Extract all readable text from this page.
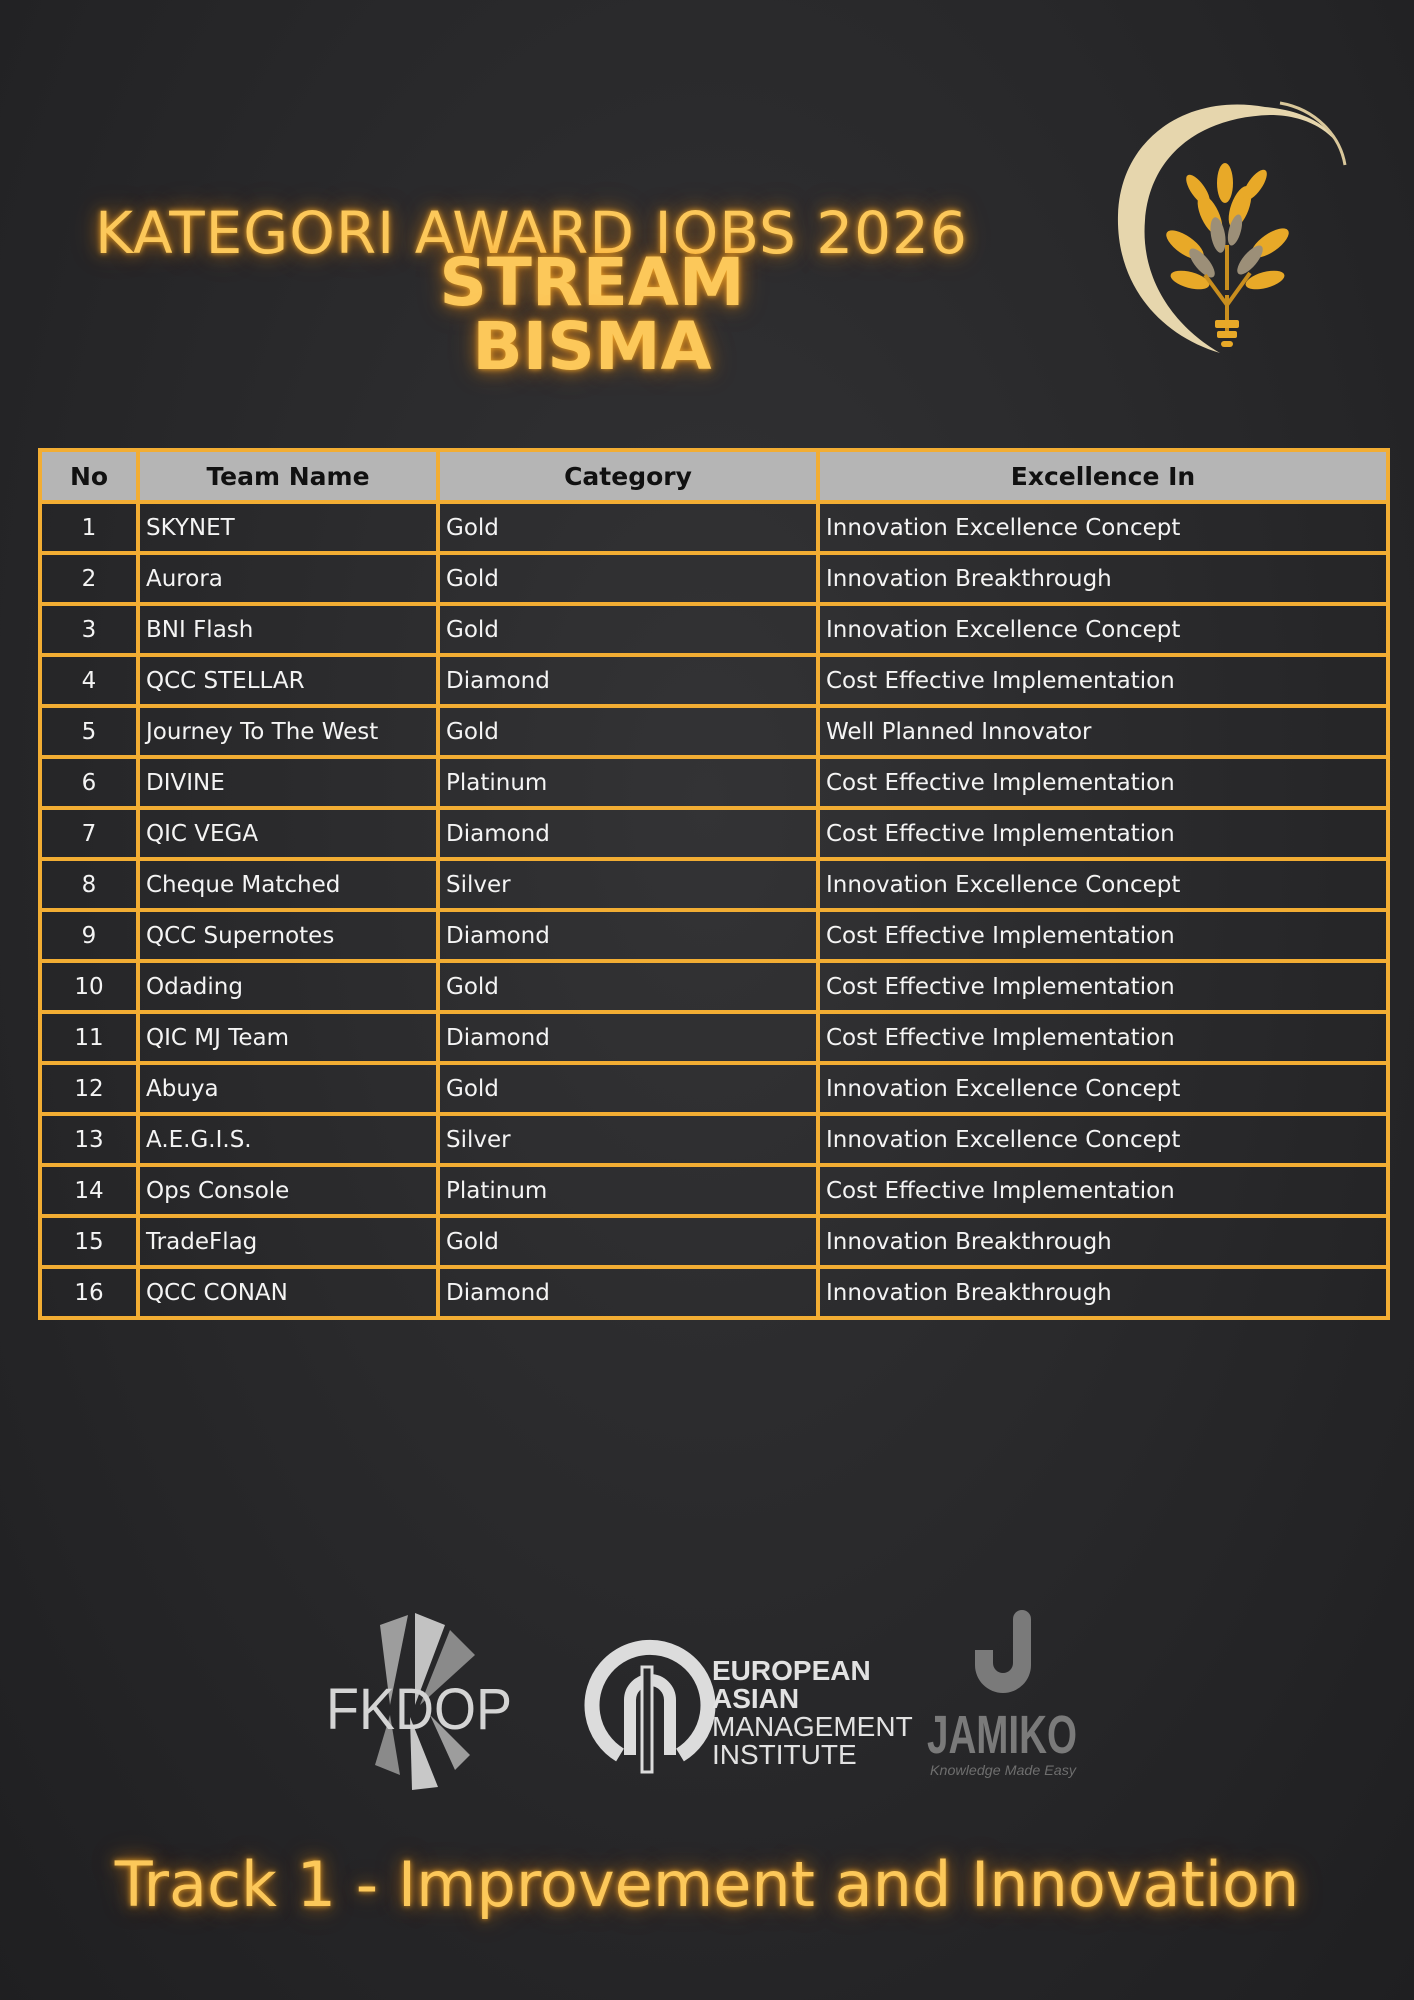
KATEGORI AWARD IOBS 2026
STREAM
BISMA
No	Team Name	Category	Excellence In
1	SKYNET	Gold	Innovation Excellence Concept
2	Aurora	Gold	Innovation Breakthrough
3	BNI Flash	Gold	Innovation Excellence Concept
4	QCC STELLAR	Diamond	Cost Effective Implementation
5	Journey To The West	Gold	Well Planned Innovator
6	DIVINE	Platinum	Cost Effective Implementation
7	QIC VEGA	Diamond	Cost Effective Implementation
8	Cheque Matched	Silver	Innovation Excellence Concept
9	QCC Supernotes	Diamond	Cost Effective Implementation
10	Odading	Gold	Cost Effective Implementation
11	QIC MJ Team	Diamond	Cost Effective Implementation
12	Abuya	Gold	Innovation Excellence Concept
13	A.E.G.I.S.	Silver	Innovation Excellence Concept
14	Ops Console	Platinum	Cost Effective Implementation
15	TradeFlag	Gold	Innovation Breakthrough
16	QCC CONAN	Diamond	Innovation Breakthrough
FKDOP
EUROPEAN
ASIAN
MANAGEMENT
INSTITUTE JAMIKO
Knowledge Made Easy
Track 1 - Improvement and Innovation
